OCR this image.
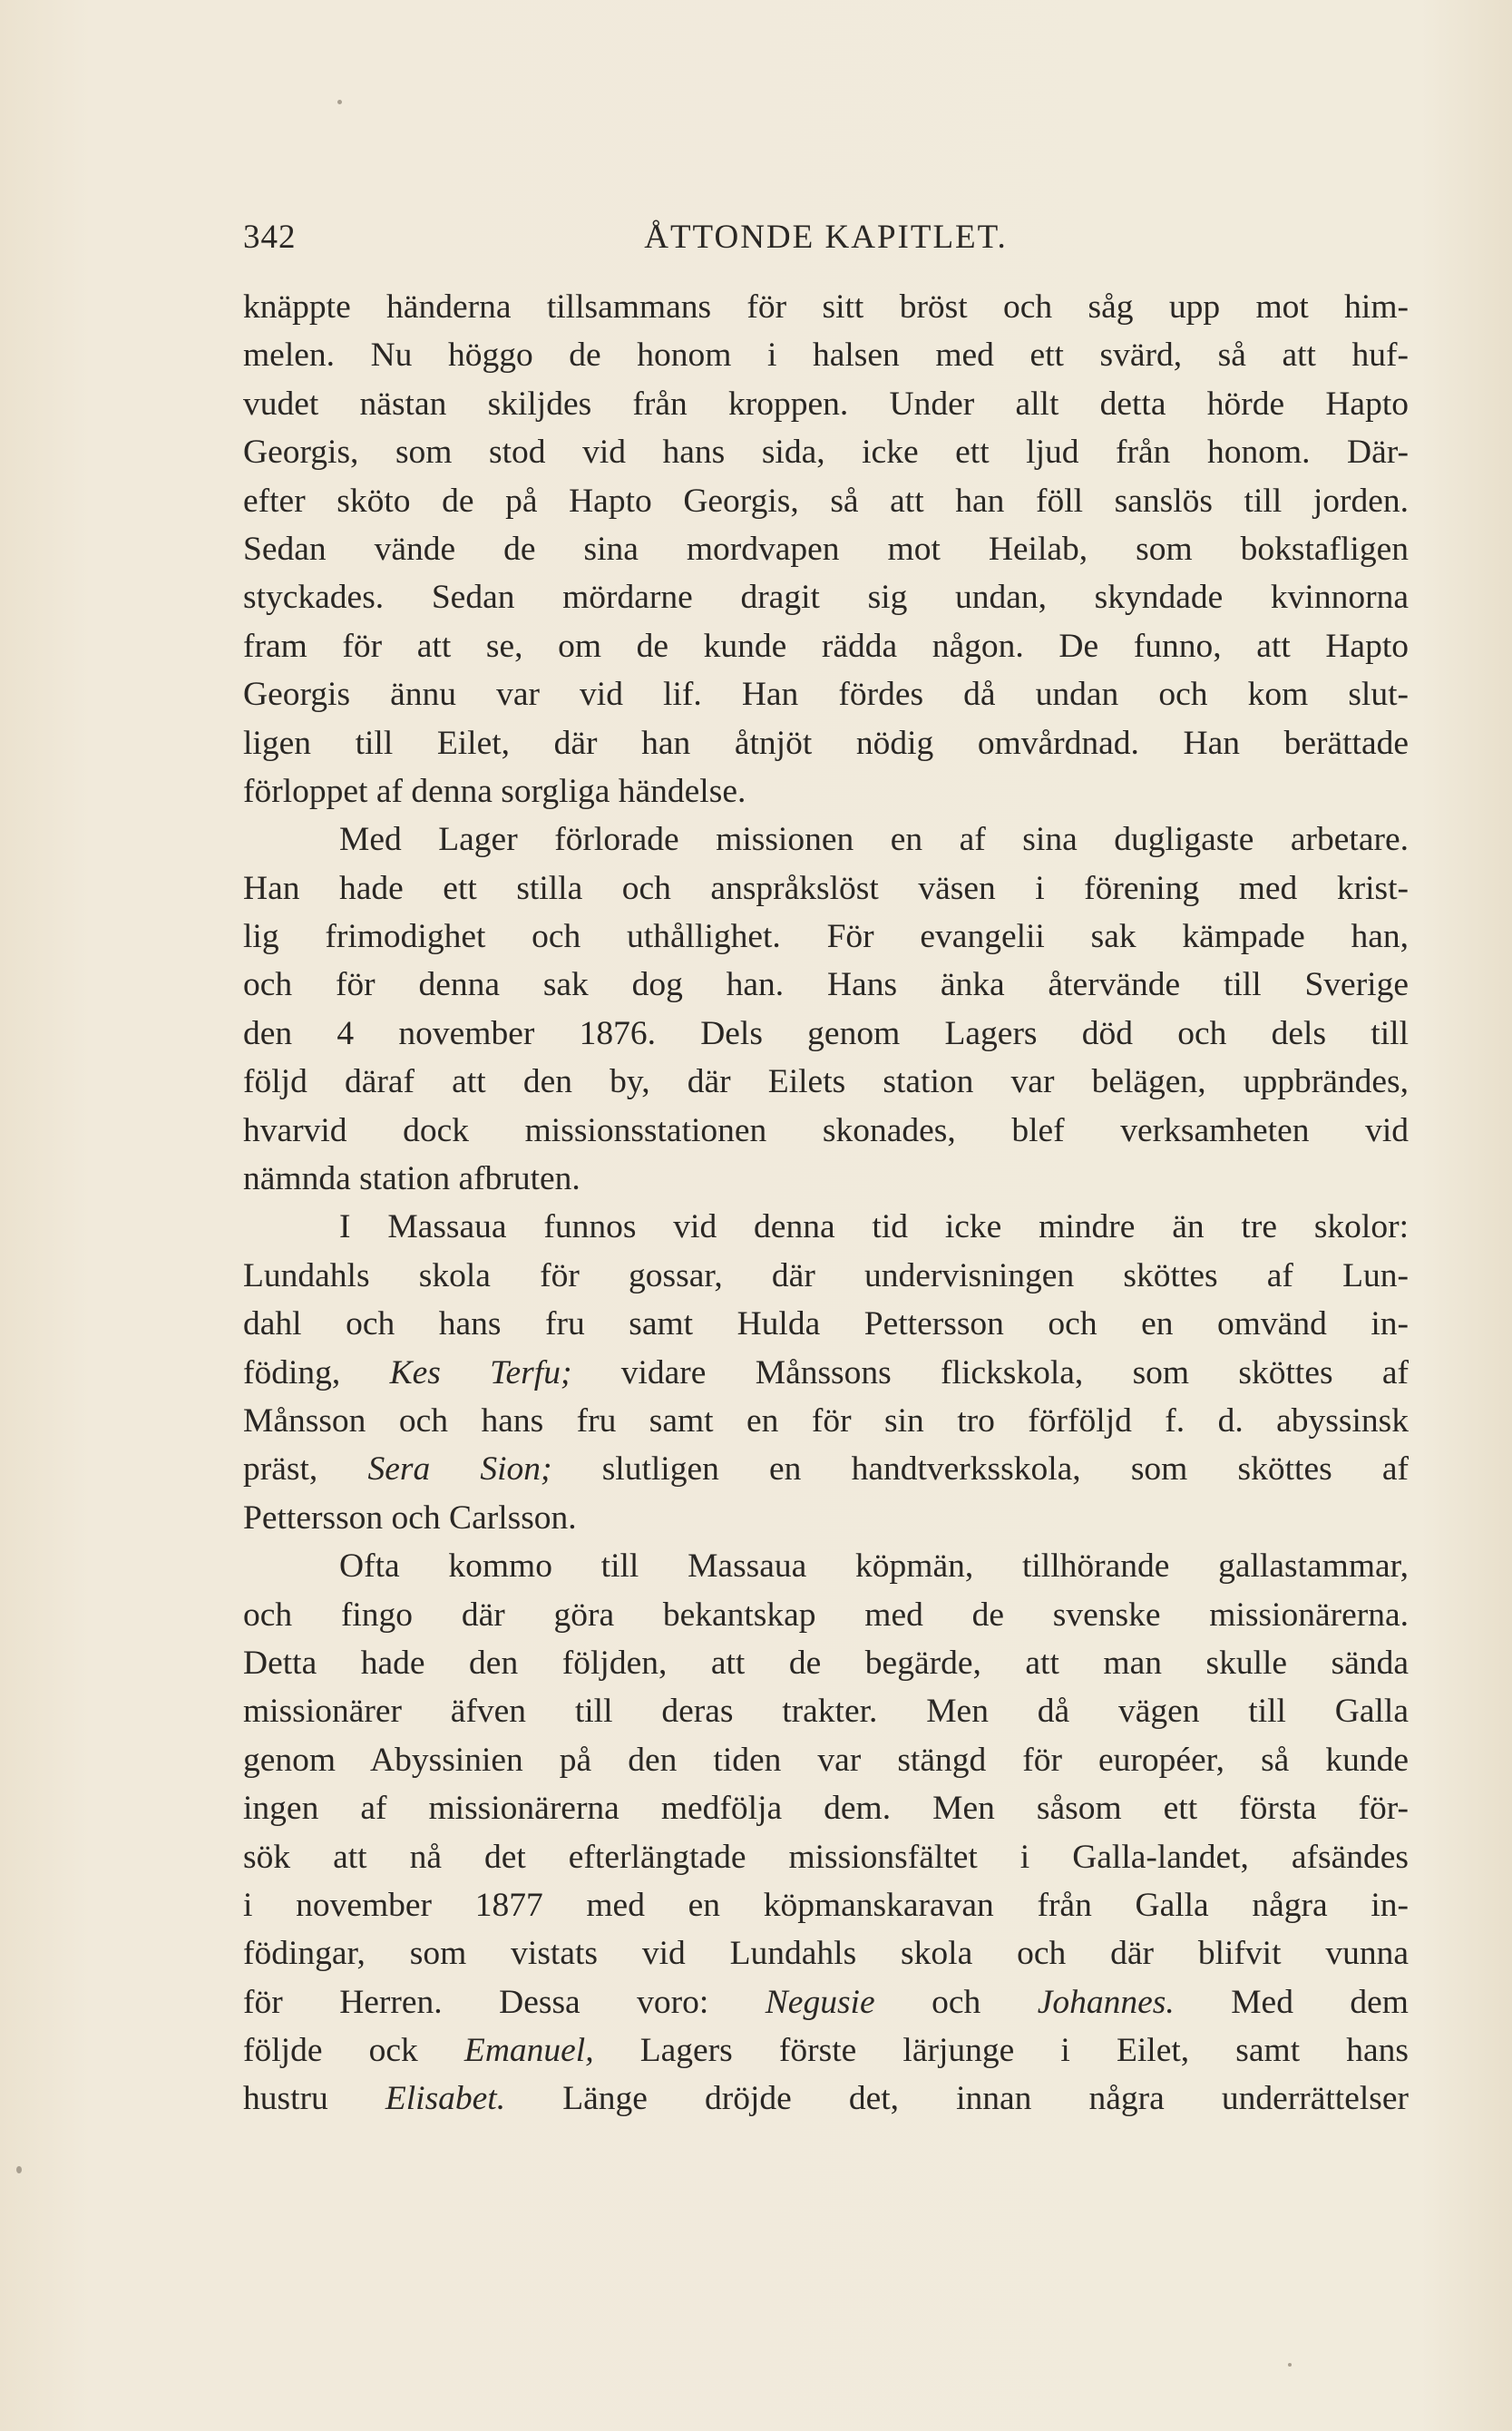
342	ÅTTONDE KAPITLET.
knäppte händerna tillsammans för sitt bröst och såg upp mot him-
melen. Nu höggo de honom i halsen med ett svärd, så att huf-
vudet nästan skiljdes från kroppen. Under allt detta hörde Hapto
Georgis, som stod vid hans sida, icke ett ljud från honom. Där-
efter sköto de på Hapto Georgis, så att han föll sanslös till jorden.
Sedan vände de sina mordvapen mot Heilab, som bokstafligen
styckades. Sedan mördarne dragit sig undan, skyndade kvinnorna
fram för att se, om de kunde rädda någon. De funno, att Hapto
Georgis ännu var vid lif. Han fördes då undan och kom slut-
ligen till Eilet, där han åtnjöt nödig omvårdnad. Han berättade
förloppet af denna sorgliga händelse.
Med Lager förlorade missionen en af sina dugligaste arbetare.
Han hade ett stilla och anspråkslöst väsen i förening med krist-
lig frimodighet och uthållighet. För evangelii sak kämpade han,
och för denna sak dog han. Hans änka återvände till Sverige
den 4 november 1876. Dels genom Lagers död och dels till
följd däraf att den by, där Eilets station var belägen, uppbrändes,
hvarvid dock missionsstationen skonades, blef verksamheten vid
nämnda station afbruten.
I Massaua funnos vid denna tid icke mindre än tre skolor:
Lundahls skola för gossar, där undervisningen sköttes af Lun-
dahl och hans fru samt Hulda Pettersson och en omvänd in-
föding, Kes Terfu; vidare Månssons flickskola, som sköttes af
Månsson och hans fru samt en för sin tro förföljd f. d. abyssinsk
präst, Sera Sion; slutligen en handtverksskola, som sköttes af
Pettersson och Carlsson.
Ofta kommo till Massaua köpmän, tillhörande gallastammar,
och fingo där göra bekantskap med de svenske missionärerna.
Detta hade den följden, att de begärde, att man skulle sända
missionärer äfven till deras trakter. Men då vägen till Galla
genom Abyssinien på den tiden var stängd för européer, så kunde
ingen af missionärerna medfölja dem. Men såsom ett första för-
sök att nå det efterlängtade missionsfältet i Galla-landet, afsändes
i november 1877 med en köpmanskaravan från Galla några in-
födingar, som vistats vid Lundahls skola och där blifvit vunna
för Herren. Dessa voro: Negusie och Johannes. Med dem
följde ock Emanuel, Lagers förste lärjunge i Eilet, samt hans
hustru Elisabet. Länge dröjde det, innan några underrättelser
